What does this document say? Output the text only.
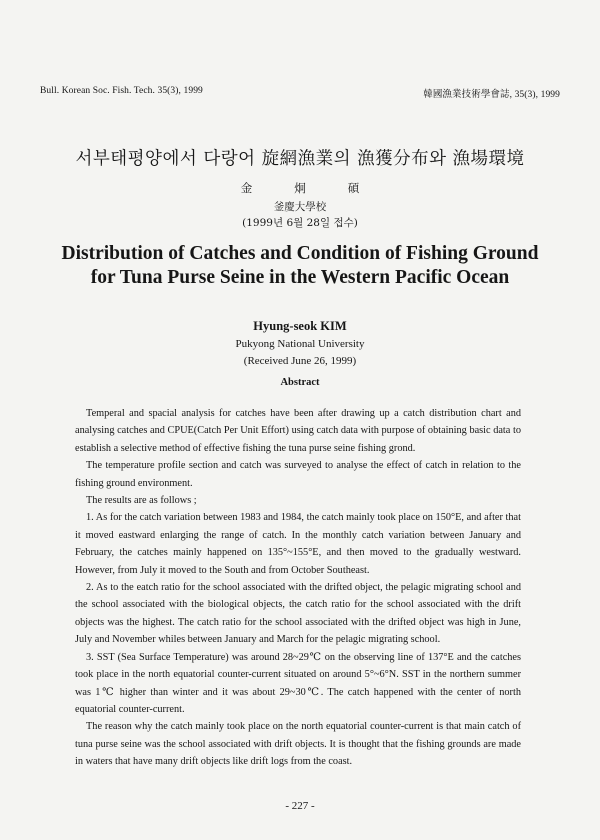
Bull. Korean Soc. Fish. Tech. 35(3), 1999	韓國漁業技術學會誌, 35(3), 1999
서부태평양에서 다랑어 旋網漁業의 漁獲分布와 漁場環境
金炯碩
釜慶大學校
(1999년 6월 28일 접수)
Distribution of Catches and Condition of Fishing Ground for Tuna Purse Seine in the Western Pacific Ocean
Hyung-seok KIM
Pukyong National University
(Received June 26, 1999)
Abstract

Temperal and spacial analysis for catches have been after drawing up a catch distribution chart and analysing catches and CPUE(Catch Per Unit Effort) using catch data with purpose of obtaining basic data to establish a selective method of effective fishing the tuna purse seine fishing grond.

The temperature profile section and catch was surveyed to analyse the effect of catch in relation to the fishing ground environment.

The results are as follows ;

1. As for the catch variation between 1983 and 1984, the catch mainly took place on 150°E, and after that it moved eastward enlarging the range of catch. In the monthly catch variation between January and February, the catches mainly happened on 135°~155°E, and then moved to the gradually westward. However, from July it moved to the South and from October Southeast.

2. As to the eatch ratio for the school associated with the drifted object, the pelagic migrating school and the school associated with the biological objects, the catch ratio for the school associated with the drift objects was the highest. The catch ratio for the school associated with the drifted object was high in June, July and November whiles between January and March for the pelagic migrating school.

3. SST (Sea Surface Temperature) was around 28~29℃ on the observing line of 137°E and the catches took place in the north equatorial counter-current situated on around 5°~6°N. SST in the northern summer was 1℃ higher than winter and it was about 29~30℃. The catch happened with the center of north equatorial counter-current.

The reason why the catch mainly took place on the north equatorial counter-current is that main catch of tuna purse seine was the school associated with drift objects. It is thought that the fishing grounds are made in waters that have many drift objects like drift logs from the coast.

- 227 -
